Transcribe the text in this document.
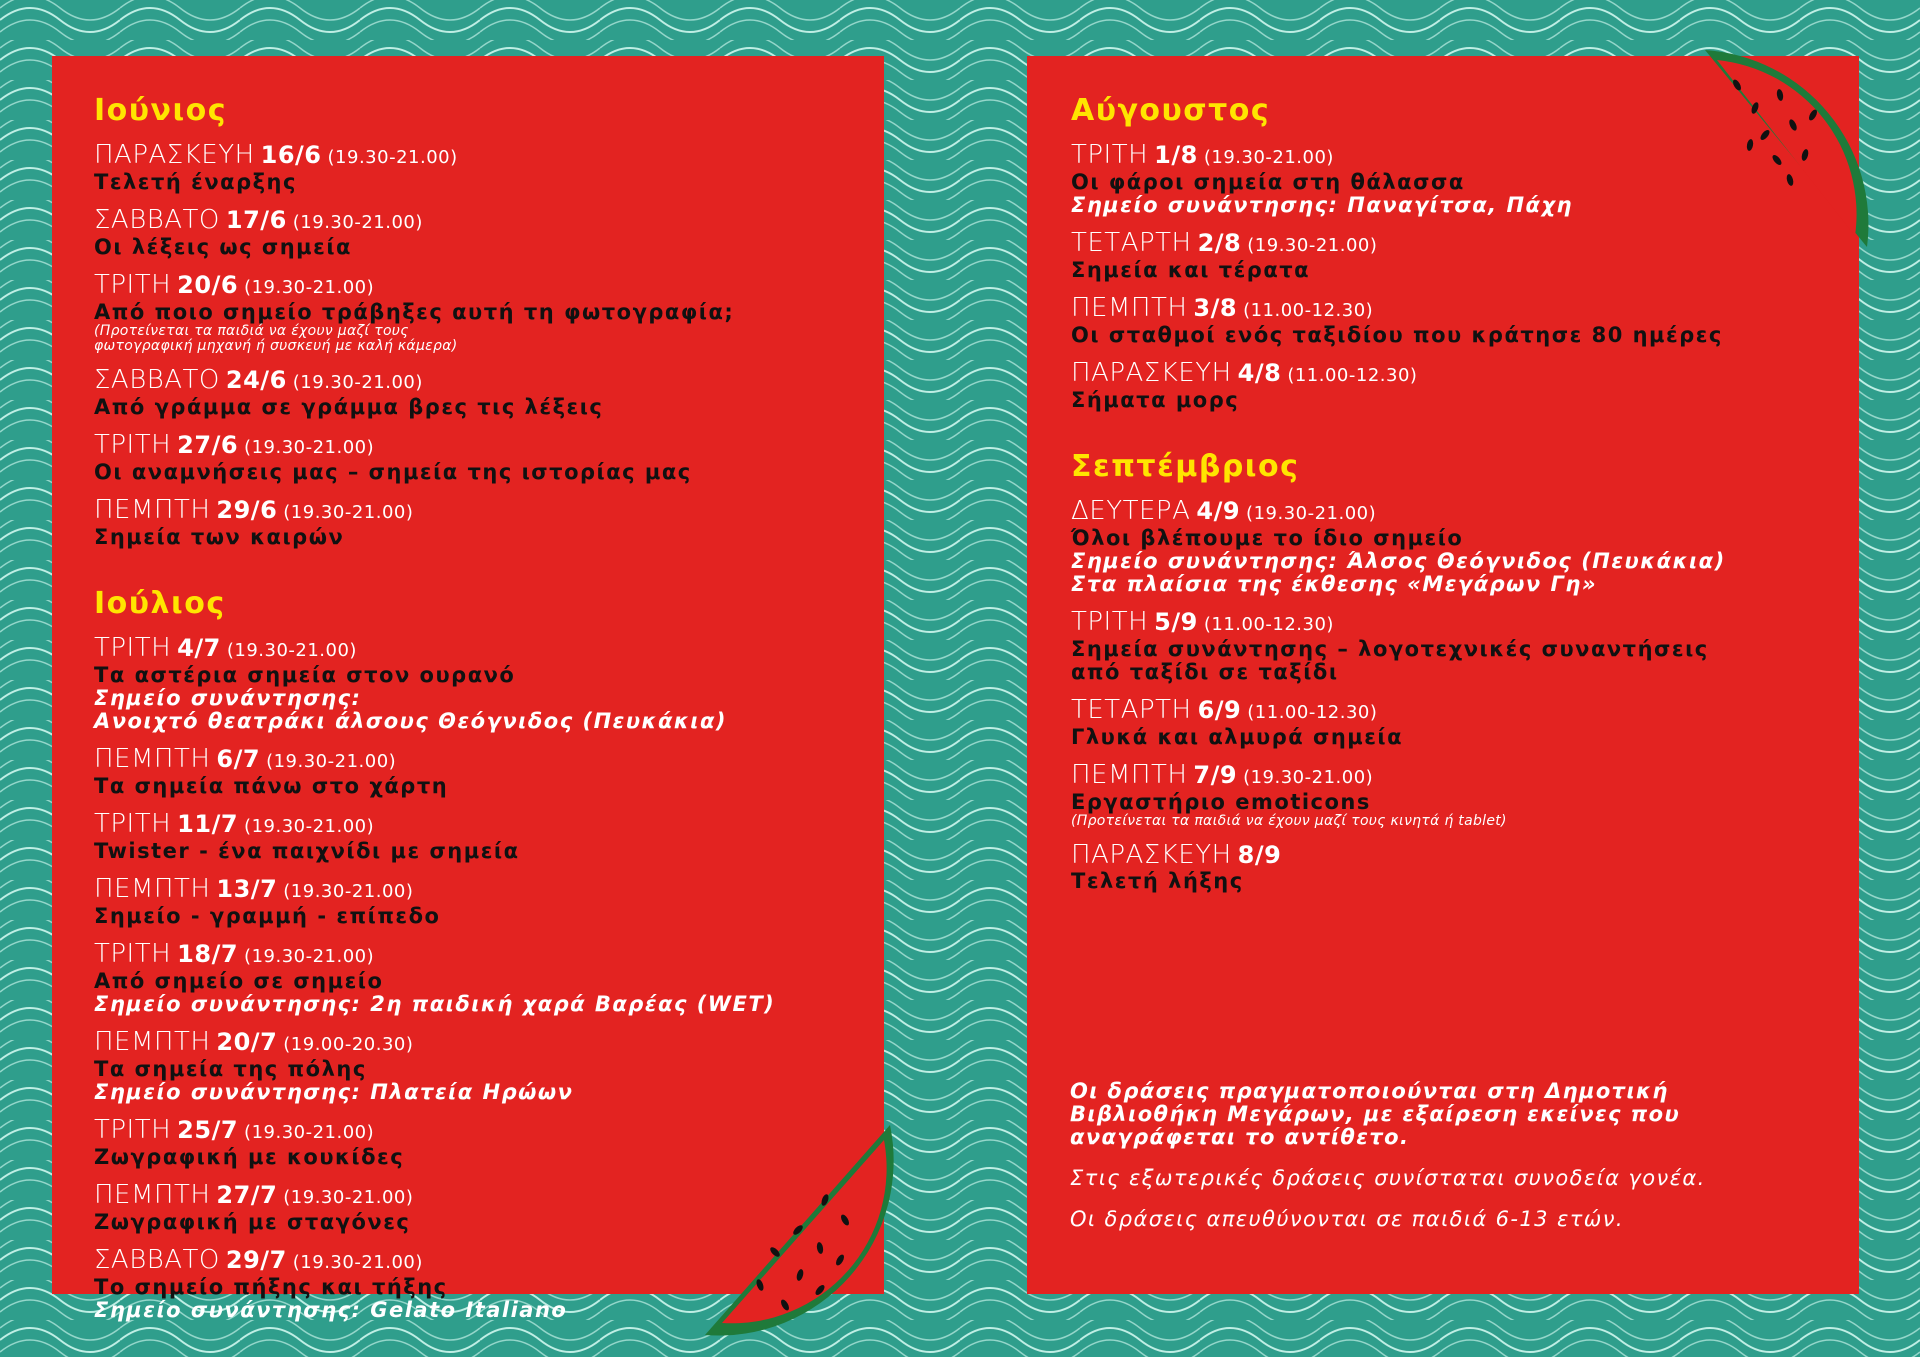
Ιούνιος
ΠΑΡΑΣΚΕΥΗ 16/6 (19.30-21.00)
Τελετή έναρξης
ΣΑΒΒΑΤΟ 17/6 (19.30-21.00)
Οι λέξεις ως σημεία
ΤΡΙΤΗ 20/6 (19.30-21.00)
Από ποιο σημείο τράβηξες αυτή τη φωτογραφία;
(Προτείνεται τα παιδιά να έχουν μαζί τους
φωτογραφική μηχανή ή συσκευή με καλή κάμερα)
ΣΑΒΒΑΤΟ 24/6 (19.30-21.00)
Από γράμμα σε γράμμα βρες τις λέξεις
ΤΡΙΤΗ 27/6 (19.30-21.00)
Οι αναμνήσεις μας – σημεία της ιστορίας μας
ΠΕΜΠΤΗ 29/6 (19.30-21.00)
Σημεία των καιρών
Ιούλιος
ΤΡΙΤΗ 4/7 (19.30-21.00)
Τα αστέρια σημεία στον ουρανό
Σημείο συνάντησης:
Ανοιχτό θεατράκι άλσους Θεόγνιδος (Πευκάκια)
ΠΕΜΠΤΗ 6/7 (19.30-21.00)
Τα σημεία πάνω στο χάρτη
ΤΡΙΤΗ 11/7 (19.30-21.00)
Twister - ένα παιχνίδι με σημεία
ΠΕΜΠΤΗ 13/7 (19.30-21.00)
Σημείο - γραμμή - επίπεδο
ΤΡΙΤΗ 18/7 (19.30-21.00)
Από σημείο σε σημείο
Σημείο συνάντησης: 2η παιδική χαρά Βαρέας (WET)
ΠΕΜΠΤΗ 20/7 (19.00-20.30)
Τα σημεία της πόλης
Σημείο συνάντησης: Πλατεία Ηρώων
ΤΡΙΤΗ 25/7 (19.30-21.00)
Ζωγραφική με κουκίδες
ΠΕΜΠΤΗ 27/7 (19.30-21.00)
Ζωγραφική με σταγόνες
ΣΑΒΒΑΤΟ 29/7 (19.30-21.00)
Το σημείο πήξης και τήξης
Σημείο συνάντησης: Gelato Italiano
Αύγουστος
ΤΡΙΤΗ 1/8 (19.30-21.00)
Οι φάροι σημεία στη θάλασσα
Σημείο συνάντησης: Παναγίτσα, Πάχη
ΤΕΤΑΡΤΗ 2/8 (19.30-21.00)
Σημεία και τέρατα
ΠΕΜΠΤΗ 3/8 (11.00-12.30)
Οι σταθμοί ενός ταξιδίου που κράτησε 80 ημέρες
ΠΑΡΑΣΚΕΥΗ 4/8 (11.00-12.30)
Σήματα μορς
Σεπτέμβριος
ΔΕΥΤΕΡΑ 4/9 (19.30-21.00)
Όλοι βλέπουμε το ίδιο σημείο
Σημείο συνάντησης: Άλσος Θεόγνιδος (Πευκάκια)
Στα πλαίσια της έκθεσης «Μεγάρων Γη»
ΤΡΙΤΗ 5/9 (11.00-12.30)
Σημεία συνάντησης – λογοτεχνικές συναντήσεις
από ταξίδι σε ταξίδι
ΤΕΤΑΡΤΗ 6/9 (11.00-12.30)
Γλυκά και αλμυρά σημεία
ΠΕΜΠΤΗ 7/9 (19.30-21.00)
Εργαστήριο emoticons
(Προτείνεται τα παιδιά να έχουν μαζί τους κινητά ή tablet)
ΠΑΡΑΣΚΕΥΗ 8/9
Τελετή λήξης

Οι δράσεις πραγματοποιούνται στη Δημοτική
Βιβλιοθήκη Μεγάρων, με εξαίρεση εκείνες που
αναγράφεται το αντίθετο.

Στις εξωτερικές δράσεις συνίσταται συνοδεία γονέα.

Οι δράσεις απευθύνονται σε παιδιά 6-13 ετών.
